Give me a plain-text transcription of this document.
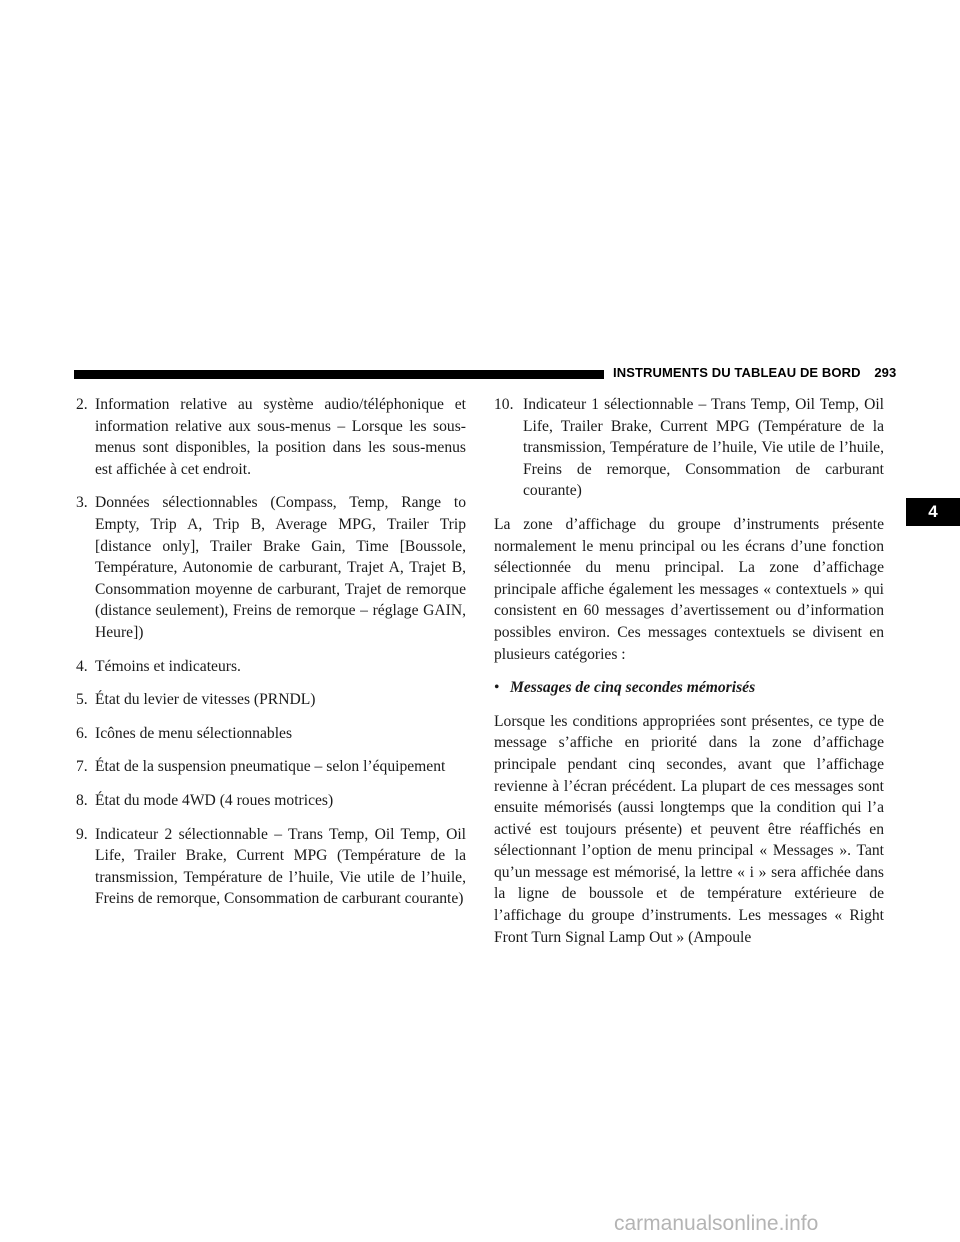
INSTRUMENTS DU TABLEAU DE BORD 293
4
2. Information relative au système audio/téléphonique et information relative aux sous-menus – Lorsque les sous-menus sont disponibles, la position dans les sous-menus est affichée à cet endroit.
3. Données sélectionnables (Compass, Temp, Range to Empty, Trip A, Trip B, Average MPG, Trailer Trip [distance only], Trailer Brake Gain, Time [Boussole, Température, Autonomie de carburant, Trajet A, Trajet B, Consommation moyenne de carburant, Trajet de remorque (distance seulement), Freins de remorque – réglage GAIN, Heure])
4. Témoins et indicateurs.
5. État du levier de vitesses (PRNDL)
6. Icônes de menu sélectionnables
7. État de la suspension pneumatique – selon l’équipement
8. État du mode 4WD (4 roues motrices)
9. Indicateur 2 sélectionnable – Trans Temp, Oil Temp, Oil Life, Trailer Brake, Current MPG (Température de la transmission, Température de l’huile, Vie utile de l’huile, Freins de remorque, Consommation de carburant courante)
10. Indicateur 1 sélectionnable – Trans Temp, Oil Temp, Oil Life, Trailer Brake, Current MPG (Température de la transmission, Température de l’huile, Vie utile de l’huile, Freins de remorque, Consommation de carburant courante)

La zone d’affichage du groupe d’instruments présente normalement le menu principal ou les écrans d’une fonction sélectionnée du menu principal. La zone d’affichage principale affiche également les messages « contextuels » qui consistent en 60 messages d’avertissement ou d’information possibles environ. Ces messages contextuels se divisent en plusieurs catégories :

• Messages de cinq secondes mémorisés

Lorsque les conditions appropriées sont présentes, ce type de message s’affiche en priorité dans la zone d’affichage principale pendant cinq secondes, avant que l’affichage revienne à l’écran précédent. La plupart de ces messages sont ensuite mémorisés (aussi longtemps que la condition qui l’a activé est toujours présente) et peuvent être réaffichés en sélectionnant l’option de menu principal « Messages ». Tant qu’un message est mémorisé, la lettre « i » sera affichée dans la ligne de boussole et de température extérieure de l’affichage du groupe d’instruments. Les messages « Right Front Turn Signal Lamp Out » (Ampoule

carmanualsonline.info
